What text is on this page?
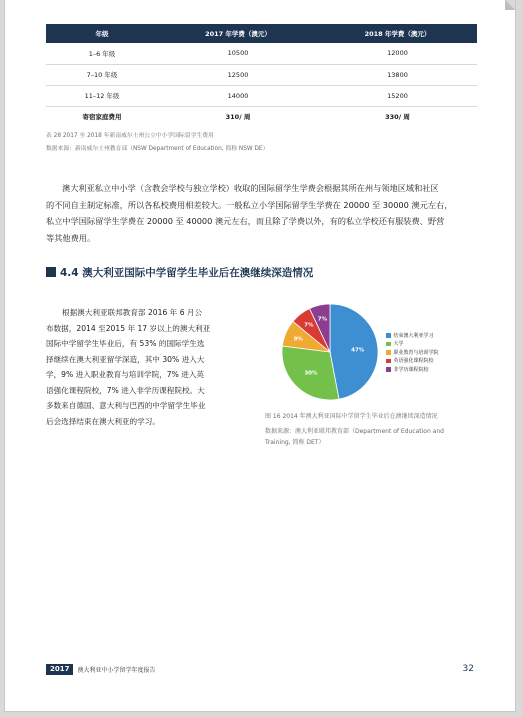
年级	2017 年学费（澳元）	2018 年学费（澳元）
1–6 年级	10500	12000
7–10 年级	12500	13800
11–12 年级	14000	15200
寄宿家庭费用	310/ 周	330/ 周
表 28 2017 至 2018 年新南威尔士州公立中小学国际留学生费用
数据来源：新南威尔士州教育部（NSW Department of Education, 简称 NSW DE）
澳大利亚私立中小学（含教会学校与独立学校）收取的国际留学生学费会根据其所在州与领地区域和社区
的不同自主制定标准，所以各私校费用相差较大。一般私立小学国际留学生学费在 20000 至 30000 澳元左右，
私立中学国际留学生学费在 20000 至 40000 澳元左右，而且除了学费以外，有的私立学校还有服装费、野营
等其他费用。
4.4 澳大利亚国际中学留学生毕业后在澳继续深造情况
根据澳大利亚联邦教育部 2016 年 6 月公
布数据，2014 至2015 年 17 岁以上的澳大利亚
国际中学留学生毕业后，有 53% 的国际学生选
择继续在澳大利亚留学深造，其中 30% 进入大
学，9% 进入职业教育与培训学院，7% 进入英
语强化课程院校，7% 进入非学历课程院校。大
多数来自德国、意大利与巴西的中学留学生毕业
后会选择结束在澳大利亚的学习。
47%
30%
9%
7%
7%
结束澳大利亚学习
大学
职业教育与培训学院
英语强化课程院校
非学历课程院校
图 16 2014 年澳大利亚国际中学留学生毕业后在澳继续深造情况
数据来源：澳大利亚联邦教育部（Department of Education and
Training, 简称 DET）
2017	澳大利亚中小学留学年度报告	32
